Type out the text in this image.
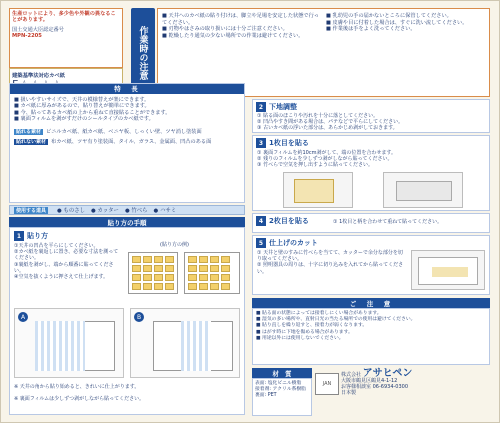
生産ロットにより、多少色や外観の異なることがあります。
国土交通大臣認定番号
MPN-2205
建築基準法対応カベ紙	作業時の注意
■ 天井へのカベ紙の貼り付けは、脚立や足場を安定した状態で行ってください。
■ 刃物やはさみの取り扱いには十分ご注意ください。
■ 乾燥したり通気の少ない場所での作業は避けてください。
■ 乳幼児の手の届かないところに保管してください。
■ 皮膚や目に付着した場合は、すぐに洗い流してください。
■ 作業後は手をよく洗ってください。
特　長
■ 扱いやすいサイズで、天井の模様替えが楽にできます。
■ カベ紙に厚みがあるので、貼り替えが簡単にできます。
■ 今、貼ってあるカベ紙の上から重ねて直接貼ることができます。
■ 裏面フィルムを剥がすだけのシールタイプのカベ紙です。
貼れる素材 ビニルカベ紙、紙カベ紙、ベニヤ板、しっくい壁、ツヤ消し塗装面
貼れない素材 布カベ紙、ツヤ有り塗装面、タイル、ガラス、金属面、凹凸のある面
使用する道具	● ものさし ● カッター ● 竹べら ● ハサミ
貼り方の手順
1 貼り方
①天井の凹凸を平らにしてください。
②カベ紙を裏返しに置き、必要な寸法を測ってください。
③裏紙を剥がし、端から順番に貼ってください。
④空気を抜くように押さえて仕上げます。
(貼り方の例)
A	B
※ 天井の角から貼り始めると、きれいに仕上がります。
※ 裏面フィルムは少しずつ剥がしながら貼ってください。
2 下地調整
① 貼る面のほこりや汚れを十分に落としてください。
② 凹凸やすき間がある場合は、パテなどで平らにしてください。
③ 古いカベ紙の浮いた部分は、あらかじめ剥がしておきます。
3 1枚目を貼る
① 裏面フィルムを約10cm剥がして、端の位置を合わせます。
② 残りのフィルムを少しずつ剥がしながら貼ってください。
③ 竹べらで空気を押し出すように貼ってください。
4 2枚目を貼る	① 1枚目と柄を合わせて重ねて貼ってください。
5 仕上げのカット
① 天井と壁のすみに竹べらを当てて、カッターで余分な部分を切り取ってください。
② 照明器具の周りは、十字に切り込みを入れてから貼ってください。
ご　注　意
■ 貼る面の状態によっては接着しにくい場合があります。
■ 湿気の多い場所や、直射日光の当たる場所での使用は避けてください。
■ 貼り直しを繰り返すと、接着力が弱くなります。
■ はがす時に下地を傷める場合があります。
■ 用途以外には使用しないでください。
材　質
表面: 塩化ビニル樹脂
接着剤: アクリル系樹脂
裏面: PET
JAN
株式会社 アサヒペン
大阪市鶴見区鶴見4-1-12
お客様相談室 06-6934-0300
日本製
